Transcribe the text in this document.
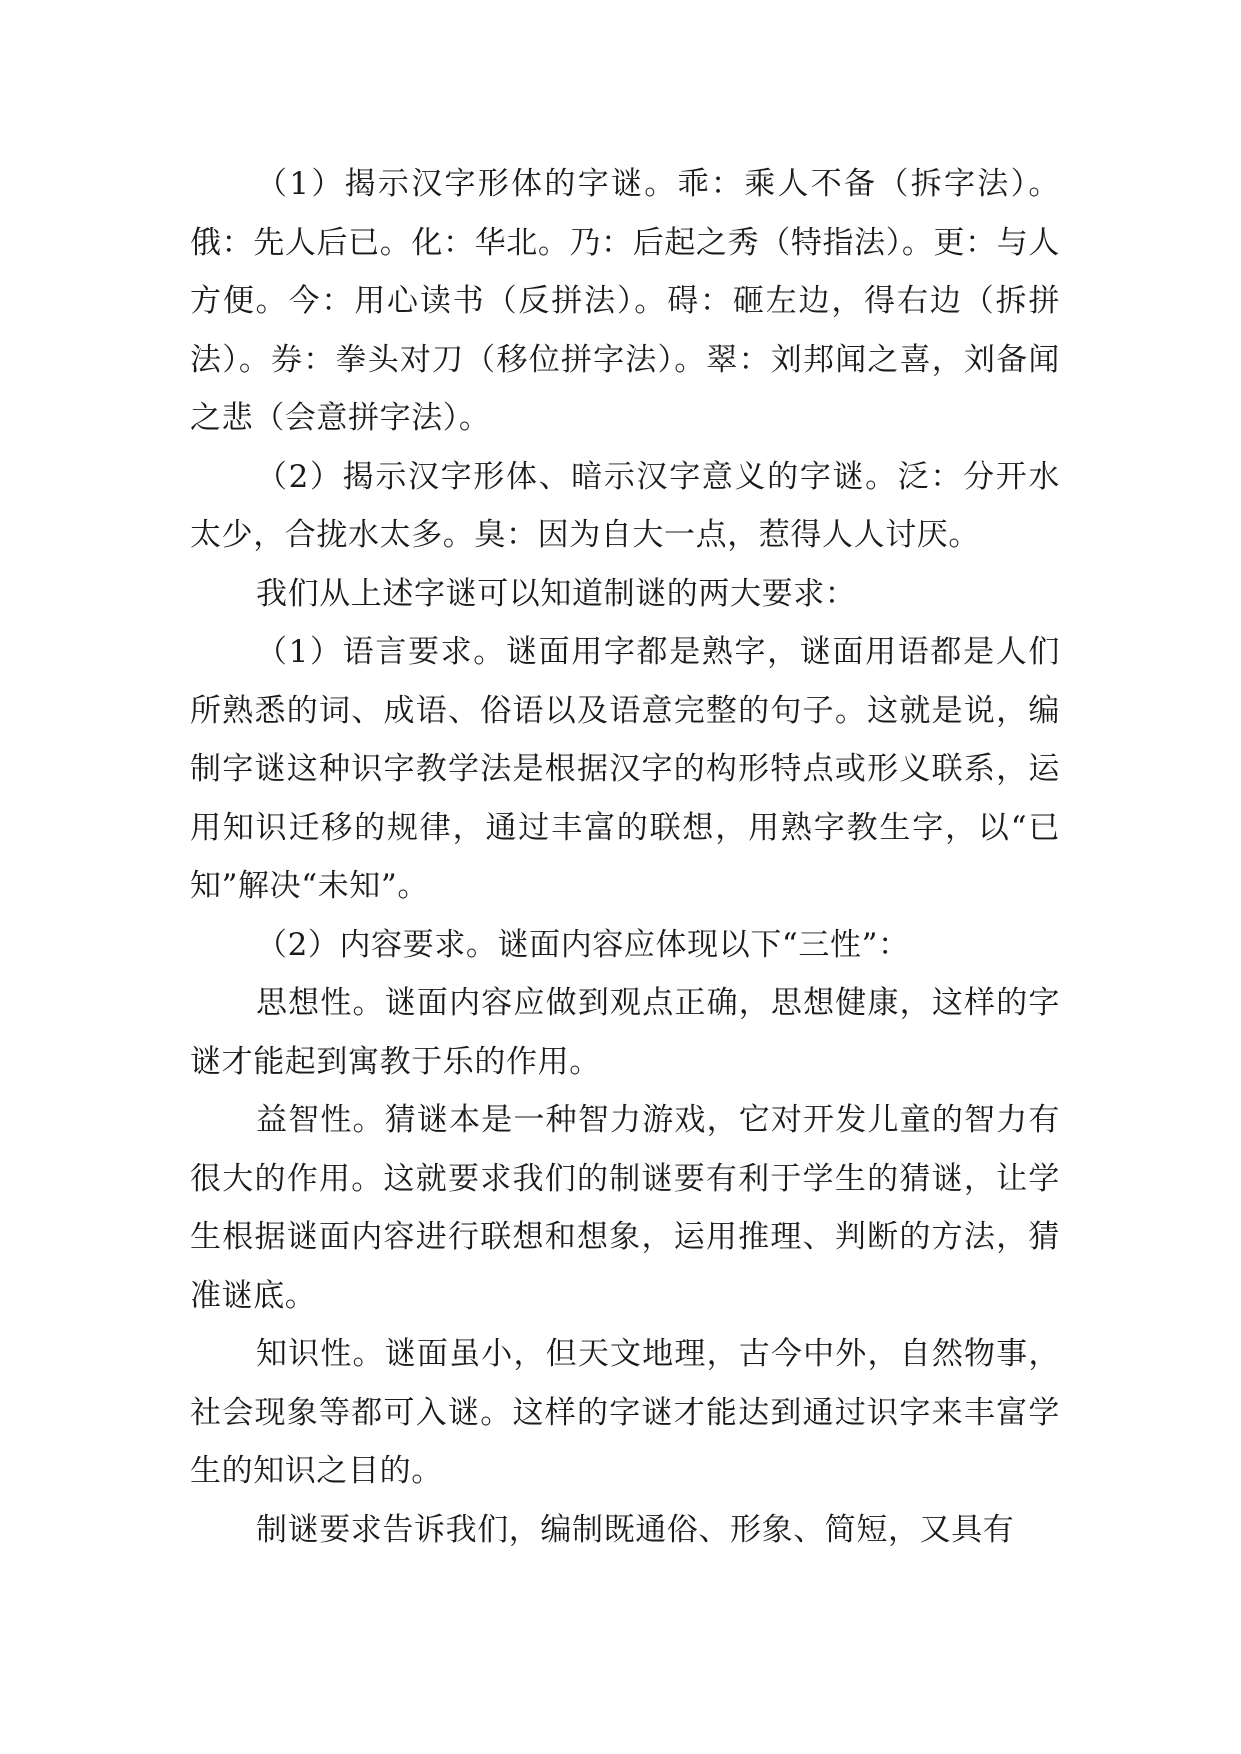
（1）揭示汉字形体的字谜。乖：乘人不备（拆字法）。俄：先人后已。化：华北。乃：后起之秀（特指法）。更：与人方便。今：用心读书（反拼法）。碍：砸左边，得右边（拆拼法）。券：拳头对刀（移位拼字法）。翠：刘邦闻之喜，刘备闻之悲（会意拼字法）。

（2）揭示汉字形体、暗示汉字意义的字谜。泛：分开水太少，合拢水太多。臭：因为自大一点，惹得人人讨厌。

我们从上述字谜可以知道制谜的两大要求：

（1）语言要求。谜面用字都是熟字，谜面用语都是人们所熟悉的词、成语、俗语以及语意完整的句子。这就是说，编制字谜这种识字教学法是根据汉字的构形特点或形义联系，运用知识迁移的规律，通过丰富的联想，用熟字教生字，以“已知”解决“未知”。

（2）内容要求。谜面内容应体现以下“三性”：

思想性。谜面内容应做到观点正确，思想健康，这样的字谜才能起到寓教于乐的作用。

益智性。猜谜本是一种智力游戏，它对开发儿童的智力有很大的作用。这就要求我们的制谜要有利于学生的猜谜，让学生根据谜面内容进行联想和想象，运用推理、判断的方法，猜准谜底。

知识性。谜面虽小，但天文地理，古今中外，自然物事，社会现象等都可入谜。这样的字谜才能达到通过识字来丰富学生的知识之目的。

制谜要求告诉我们，编制既通俗、形象、简短，又具有
